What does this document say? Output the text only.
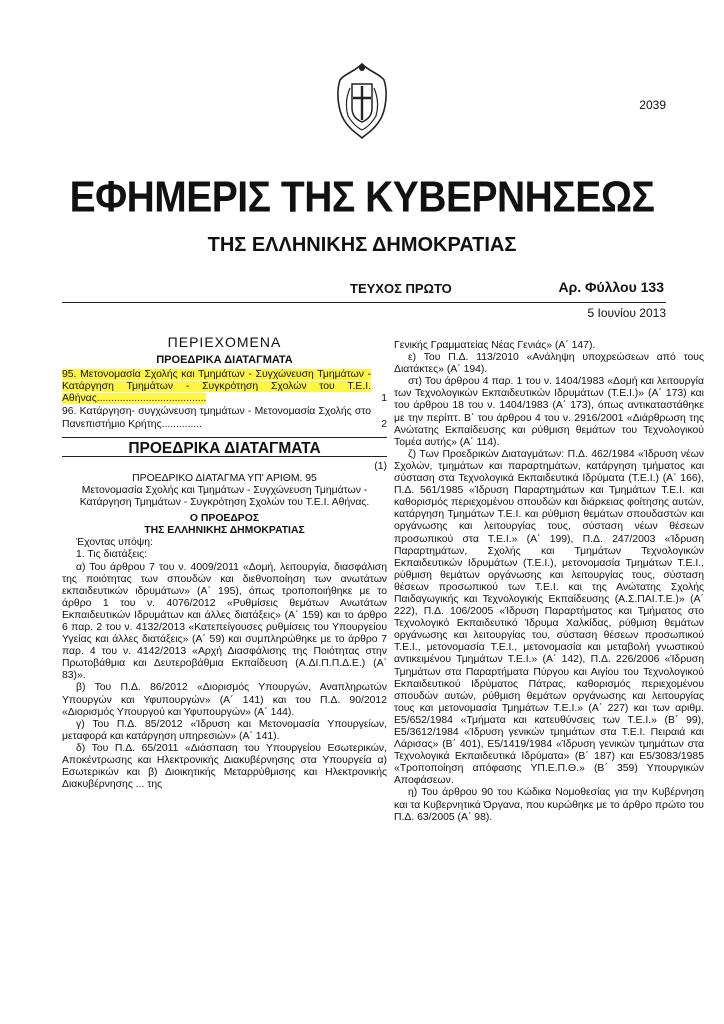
2039
ΕΦΗΜΕΡΙΣ ΤΗΣ ΚΥΒΕΡΝΗΣΕΩΣ
ΤΗΣ ΕΛΛΗΝΙΚΗΣ ΔΗΜΟΚΡΑΤΙΑΣ
ΤΕΥΧΟΣ ΠΡΩΤΟ	Αρ. Φύλλου 133
5 Ιουνίου 2013
ΠΕΡΙΕΧΟΜΕΝΑ
ΠΡΟΕΔΡΙΚΑ ΔΙΑΤΑΓΜΑΤΑ
95. Μετονομασία Σχολής και Τμημάτων - Συγχώνευση Τμημάτων - Κατάργηση Τμημάτων - Συγκρότηση Σχολών του Τ.Ε.Ι. Αθήνας......................................	1
96. Κατάργηση- συγχώνευση τμημάτων - Μετονομασία Σχολής στο Πανεπιστήμιο Κρήτης..............	2
ΠΡΟΕΔΡΙΚΑ ΔΙΑΤΑΓΜΑΤΑ
(1)
ΠΡΟΕΔΡΙΚΟ ΔΙΑΤΑΓΜΑ ΥΠ' ΑΡΙΘΜ. 95
Μετονομασία Σχολής και Τμημάτων - Συγχώνευση Τμημάτων - Κατάργηση Τμημάτων - Συγκρότηση Σχολών του Τ.Ε.Ι. Αθήνας.
Ο ΠΡΟΕΔΡΟΣ
ΤΗΣ ΕΛΛΗΝΙΚΗΣ ΔΗΜΟΚΡΑΤΙΑΣ

Έχοντας υπόψη:

1. Τις διατάξεις:

α) Του άρθρου 7 του ν. 4009/2011 «Δομή, λειτουργία, διασφάλιση της ποιότητας των σπουδών και διεθνοποίηση των ανωτάτων εκπαιδευτικών ιδρυμάτων» (Α΄ 195), όπως τροποποιήθηκε με το άρθρο 1 του ν. 4076/2012 «Ρυθμίσεις θεμάτων Ανωτάτων Εκπαιδευτικών Ιδρυμάτων και άλλες διατάξεις» (Α΄ 159) και το άρθρο 6 παρ. 2 του ν. 4132/2013 «Κατεπείγουσες ρυθμίσεις του Υπουργείου Υγείας και άλλες διατάξεις» (Α΄ 59) και συμπληρώθηκε με το άρθρο 7 παρ. 4 του ν. 4142/2013 «Αρχή Διασφάλισης της Ποιότητας στην Πρωτοβάθμια και Δευτεροβάθμια Εκπαίδευση (Α.ΔΙ.Π.Π.Δ.Ε.) (Α΄ 83)».

β) Του Π.Δ. 86/2012 «Διορισμός Υπουργών, Αναπληρωτών Υπουργών και Υφυπουργών» (Α΄ 141) και του Π.Δ. 90/2012 «Διορισμός Υπουργού και Υφυπουργών» (Α΄ 144).

γ) Του Π.Δ. 85/2012 «Ίδρυση και Μετονομασία Υπουργείων, μεταφορά και κατάργηση υπηρεσιών» (Α΄ 141).

δ) Του Π.Δ. 65/2011 «Διάσπαση του Υπουργείου Εσωτερικών, Αποκέντρωσης και Ηλεκτρονικής Διακυβέρνησης στα Υπουργεία α) Εσωτερικών και β) Διοικητικής Μεταρρύθμισης και Ηλεκτρονικής Διακυβέρνησης ... της

Γενικής Γραμματείας Νέας Γενιάς» (Α΄ 147).

ε) Του Π.Δ. 113/2010 «Ανάληψη υποχρεώσεων από τους Διατάκτες» (Α΄ 194).

στ) Του άρθρου 4 παρ. 1 του ν. 1404/1983 «Δομή και λειτουργία των Τεχνολογικών Εκπαιδευτικών Ιδρυμάτων (Τ.Ε.Ι.)» (Α΄ 173) και του άρθρου 18 του ν. 1404/1983 (Α΄ 173), όπως αντικαταστάθηκε με την περίπτ. Β΄ του άρθρου 4 του ν. 2916/2001 «Διάρθρωση της Ανώτατης Εκπαίδευσης και ρύθμιση θεμάτων του Τεχνολογικού Τομέα αυτής» (Α΄ 114).

ζ) Των Προεδρικών Διαταγμάτων: Π.Δ. 462/1984 «Ίδρυση νέων Σχολών, τμημάτων και παραρτημάτων, κατάργηση τμήματος και σύσταση στα Τεχνολογικά Εκπαιδευτικά Ιδρύματα (Τ.Ε.Ι.) (Α΄ 166), Π.Δ. 561/1985 «Ίδρυση Παραρτημάτων και Τμημάτων Τ.Ε.Ι. και καθορισμός περιεχομένου σπουδών και διάρκειας φοίτησης αυτών, κατάργηση Τμημάτων Τ.Ε.Ι. και ρύθμιση θεμάτων σπουδαστών και οργάνωσης και λειτουργίας τους, σύσταση νέων θέσεων προσωπικού στα Τ.Ε.Ι.» (Α΄ 199), Π.Δ. 247/2003 «Ίδρυση Παραρτημάτων, Σχολής και Τμημάτων Τεχνολογικών Εκπαιδευτικών Ιδρυμάτων (Τ.Ε.Ι.), μετονομασία Τμημάτων Τ.Ε.Ι., ρύθμιση θεμάτων οργάνωσης και λειτουργίας τους, σύσταση θέσεων προσωπικού των Τ.Ε.Ι. και της Ανώτατης Σχολής Παιδαγωγικής και Τεχνολογικής Εκπαίδευσης (Α.Σ.ΠΑΙ.Τ.Ε.)» (Α΄ 222), Π.Δ. 106/2005 «Ίδρυση Παραρτήματος και Τμήματος στο Τεχνολογικό Εκπαιδευτικό Ίδρυμα Χαλκίδας, ρύθμιση θεμάτων οργάνωσης και λειτουργίας του, σύσταση θέσεων προσωπικού Τ.Ε.Ι., μετονομασία Τ.Ε.Ι., μετονομασία και μεταβολή γνωστικού αντικειμένου Τμημάτων Τ.Ε.Ι.» (Α΄ 142), Π.Δ. 226/2006 «Ίδρυση Τμημάτων στα Παραρτήματα Πύργου και Αιγίου του Τεχνολογικού Εκπαιδευτικού Ιδρύματος Πάτρας, καθορισμός περιεχομένου σπουδών αυτών, ρύθμιση θεμάτων οργάνωσης και λειτουργίας τους και μετονομασία Τμημάτων Τ.Ε.Ι.» (Α΄ 227) και των αριθμ. Ε5/652/1984 «Τμήματα και κατευθύνσεις των Τ.Ε.Ι.» (Β΄ 99), Ε5/3612/1984 «Ίδρυση γενικών τμημάτων στα Τ.Ε.Ι. Πειραιά και Λάρισας» (Β΄ 401), Ε5/1419/1984 «Ίδρυση γενικών τμημάτων στα Τεχνολογικά Εκπαιδευτικά Ιδρύματα» (Β΄ 187) και Ε5/3083/1985 «Τροποποίηση απόφασης ΥΠ.Ε.Π.Θ.» (Β΄ 359) Υπουργικών Αποφάσεων.

η) Του άρθρου 90 του Κώδικα Νομοθεσίας για την Κυβέρνηση και τα Κυβερνητικά Όργανα, που κυρώθηκε με το άρθρο πρώτο του Π.Δ. 63/2005 (Α΄ 98).
